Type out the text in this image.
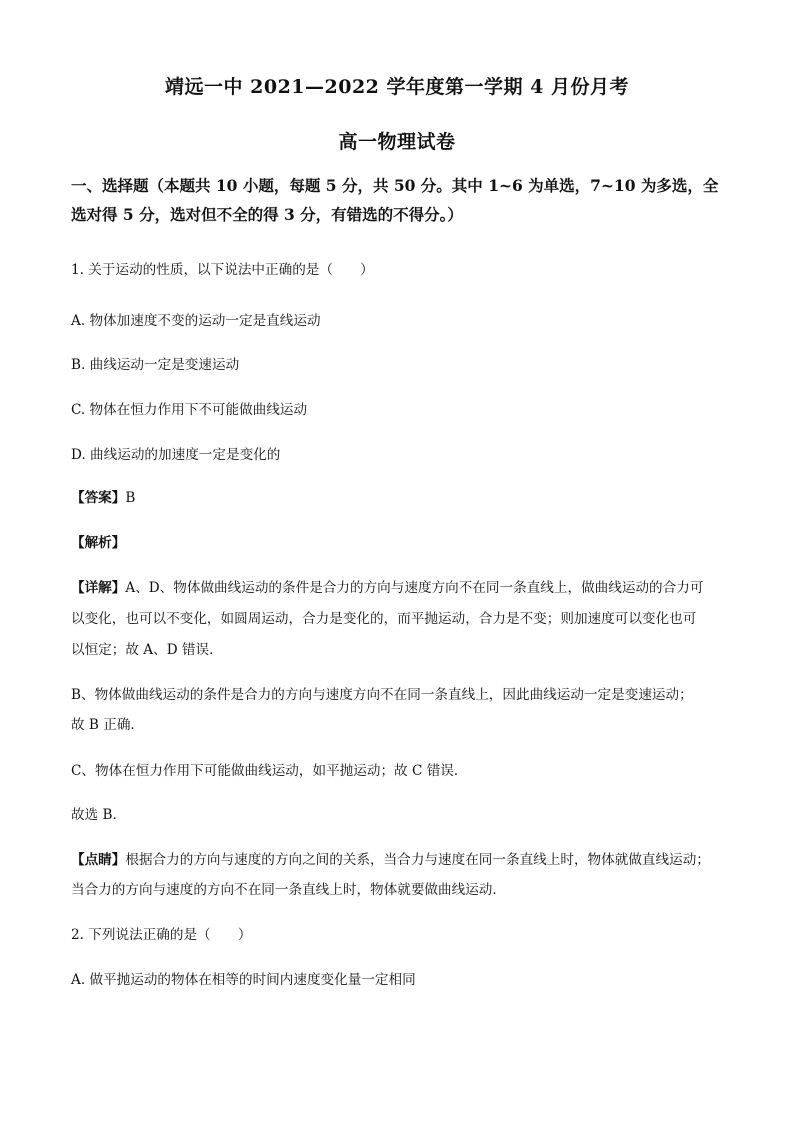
靖远一中 2021—2022 学年度第一学期 4 月份月考
高一物理试卷

一、选择题（本题共 10 小题，每题 5 分，共 50 分。其中 1~6 为单选，7~10 为多选，全选对得 5 分，选对但不全的得 3 分，有错选的不得分。）

1. 关于运动的性质，以下说法中正确的是（　　）

A. 物体加速度不变的运动一定是直线运动

B. 曲线运动一定是变速运动

C. 物体在恒力作用下不可能做曲线运动

D. 曲线运动的加速度一定是变化的

【答案】B

【解析】

【详解】A、D、物体做曲线运动的条件是合力的方向与速度方向不在同一条直线上，做曲线运动的合力可

以变化，也可以不变化，如圆周运动，合力是变化的，而平抛运动，合力是不变；则加速度可以变化也可

以恒定；故 A、D 错误．

B、物体做曲线运动的条件是合力的方向与速度方向不在同一条直线上，因此曲线运动一定是变速运动；

故 B 正确．

C、物体在恒力作用下可能做曲线运动，如平抛运动；故 C 错误．

故选 B．

【点睛】根据合力的方向与速度的方向之间的关系，当合力与速度在同一条直线上时，物体就做直线运动；

当合力的方向与速度的方向不在同一条直线上时，物体就要做曲线运动．

2. 下列说法正确的是（　　）

A. 做平抛运动的物体在相等的时间内速度变化量一定相同
